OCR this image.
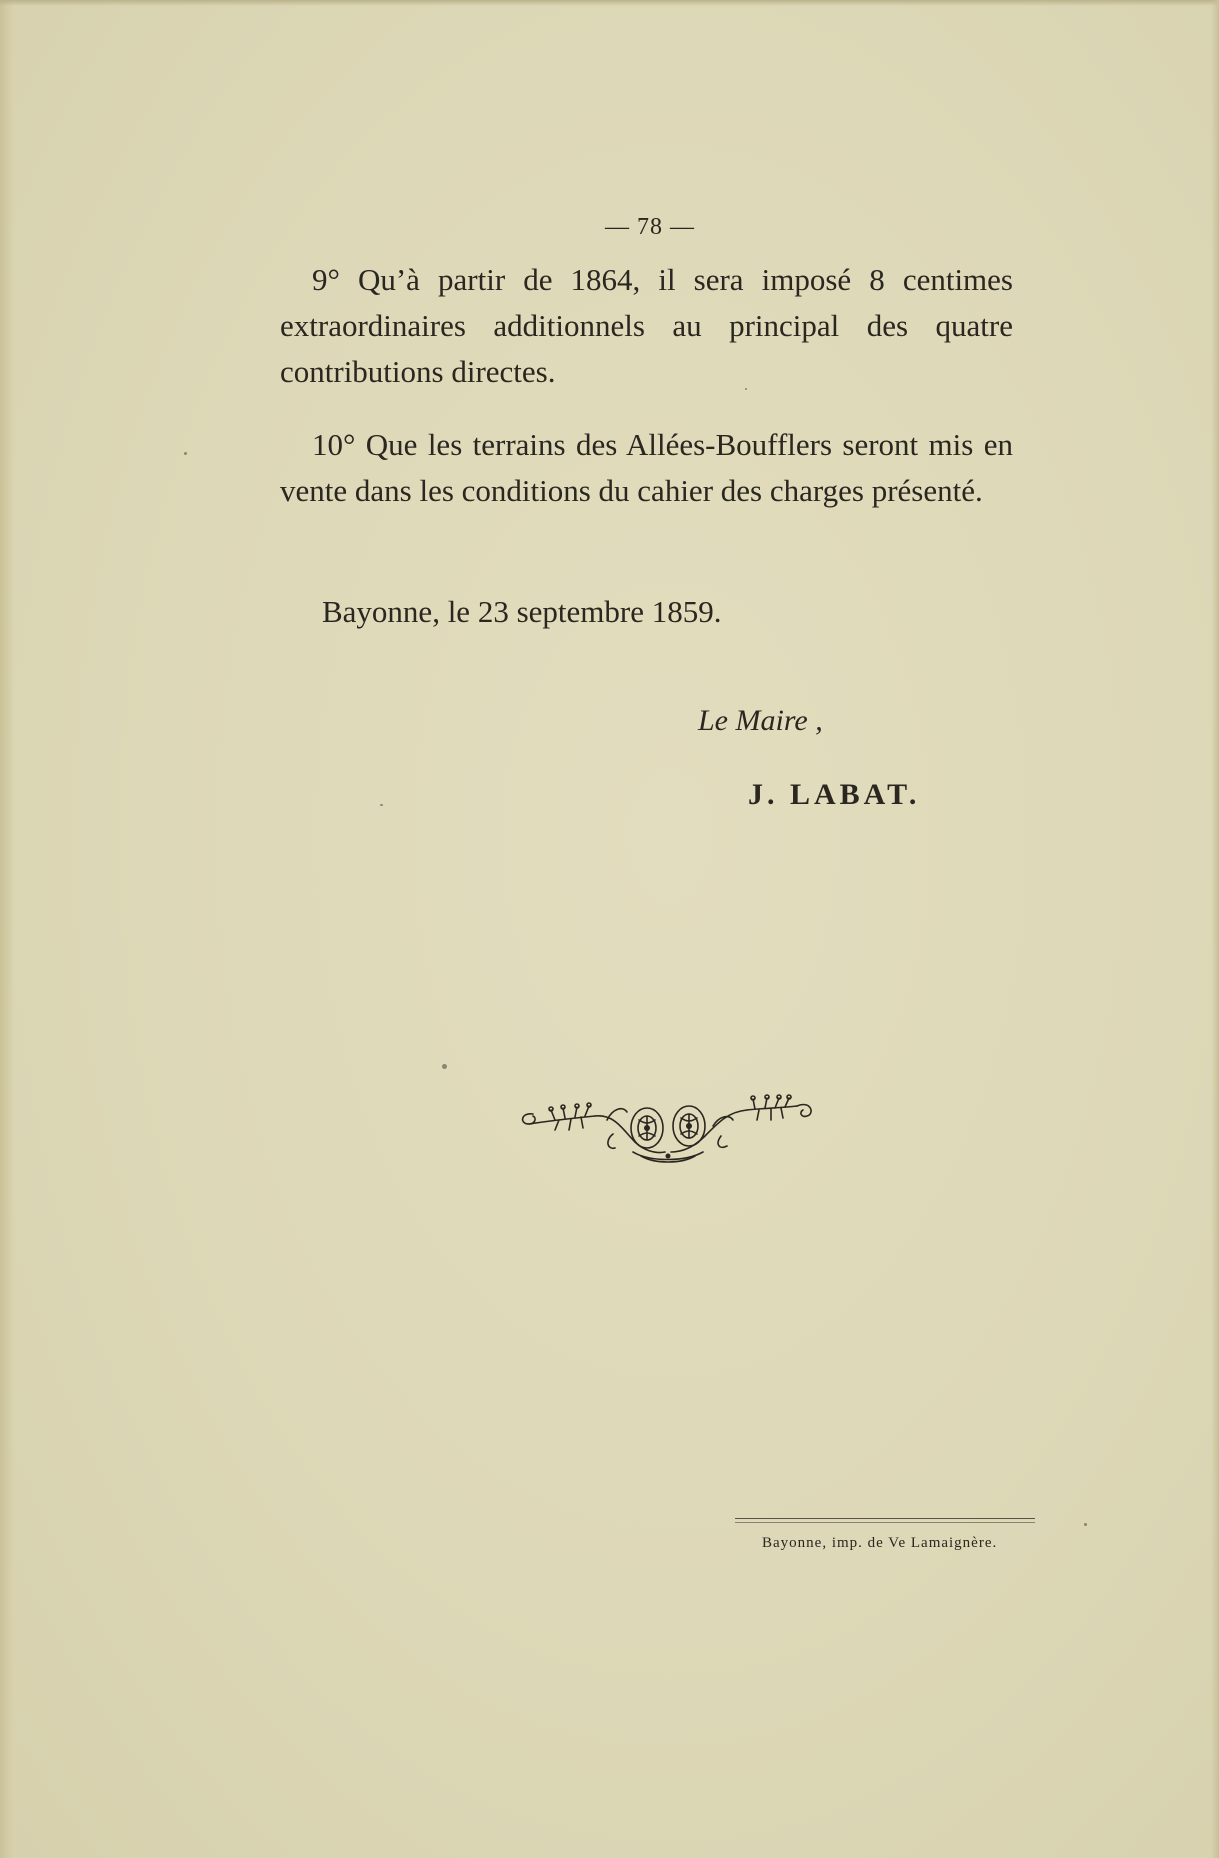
— 78 —
9° Qu’à partir de 1864, il sera imposé 8 centimes extraordinaires additionnels au principal des quatre contributions directes.
10° Que les terrains des Allées-Boufflers seront mis en vente dans les conditions du cahier des charges présenté.
Bayonne, le 23 septembre 1859.
Le Maire ,
J. LABAT.
Bayonne, imp. de Ve Lamaignère.
